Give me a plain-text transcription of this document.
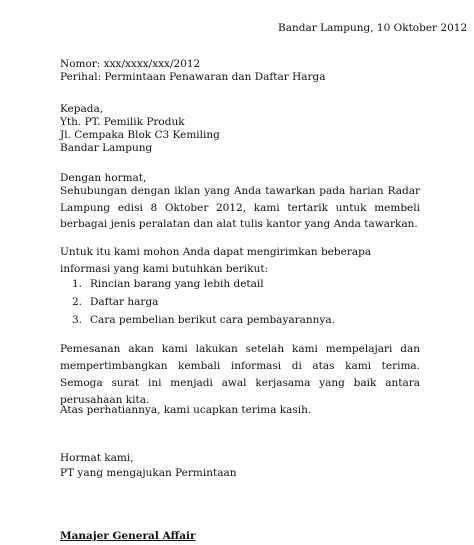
Bandar Lampung, 10 Oktober 2012
Nomor: xxx/xxxx/xxx/2012
Perihal: Permintaan Penawaran dan Daftar Harga
Kepada,
Yth. PT. Pemilik Produk
Jl. Cempaka Blok C3 Kemiling
Bandar Lampung
Dengan hormat,
Sehubungan dengan iklan yang Anda tawarkan pada harian Radar Lampung edisi 8 Oktober 2012, kami tertarik untuk membeli berbagai jenis peralatan dan alat tulis kantor yang Anda tawarkan.
Untuk itu kami mohon Anda dapat mengirimkan beberapa informasi yang kami butuhkan berikut:
1. Rincian barang yang lebih detail
2. Daftar harga
3. Cara pembelian berikut cara pembayarannya.
Pemesanan akan kami lakukan setelah kami mempelajari dan mempertimbangkan kembali informasi di atas kami terima. Semoga surat ini menjadi awal kerjasama yang baik antara perusahaan kita.
Atas perhatiannya, kami ucapkan terima kasih.
Hormat kami,
PT yang mengajukan Permintaan
Manajer General Affair
